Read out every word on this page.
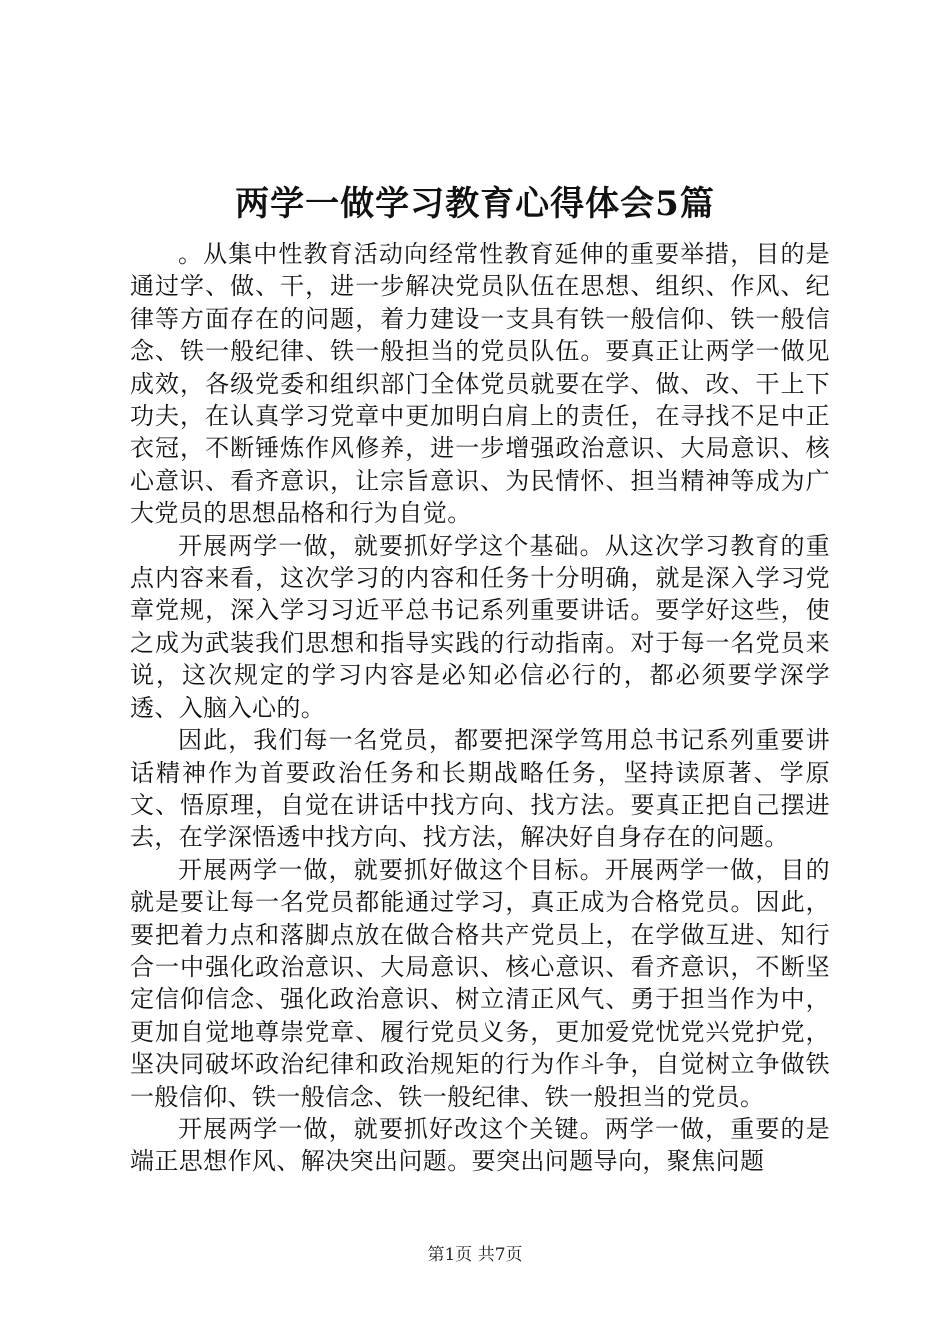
两学一做学习教育心得体会5篇

。从集中性教育活动向经常性教育延伸的重要举措，目的是通过学、做、干，进一步解决党员队伍在思想、组织、作风、纪律等方面存在的问题，着力建设一支具有铁一般信仰、铁一般信念、铁一般纪律、铁一般担当的党员队伍。要真正让两学一做见成效，各级党委和组织部门全体党员就要在学、做、改、干上下功夫，在认真学习党章中更加明白肩上的责任，在寻找不足中正衣冠，不断锤炼作风修养，进一步增强政治意识、大局意识、核心意识、看齐意识，让宗旨意识、为民情怀、担当精神等成为广大党员的思想品格和行为自觉。

开展两学一做，就要抓好学这个基础。从这次学习教育的重点内容来看，这次学习的内容和任务十分明确，就是深入学习党章党规，深入学习习近平总书记系列重要讲话。要学好这些，使之成为武装我们思想和指导实践的行动指南。对于每一名党员来说，这次规定的学习内容是必知必信必行的，都必须要学深学透、入脑入心的。

因此，我们每一名党员，都要把深学笃用总书记系列重要讲话精神作为首要政治任务和长期战略任务，坚持读原著、学原文、悟原理，自觉在讲话中找方向、找方法。要真正把自己摆进去，在学深悟透中找方向、找方法，解决好自身存在的问题。

开展两学一做，就要抓好做这个目标。开展两学一做，目的就是要让每一名党员都能通过学习，真正成为合格党员。因此，要把着力点和落脚点放在做合格共产党员上，在学做互进、知行合一中强化政治意识、大局意识、核心意识、看齐意识，不断坚定信仰信念、强化政治意识、树立清正风气、勇于担当作为中，更加自觉地尊崇党章、履行党员义务，更加爱党忧党兴党护党，坚决同破坏政治纪律和政治规矩的行为作斗争，自觉树立争做铁一般信仰、铁一般信念、铁一般纪律、铁一般担当的党员。

开展两学一做，就要抓好改这个关键。两学一做，重要的是端正思想作风、解决突出问题。要突出问题导向，聚焦问题

第1页 共7页
